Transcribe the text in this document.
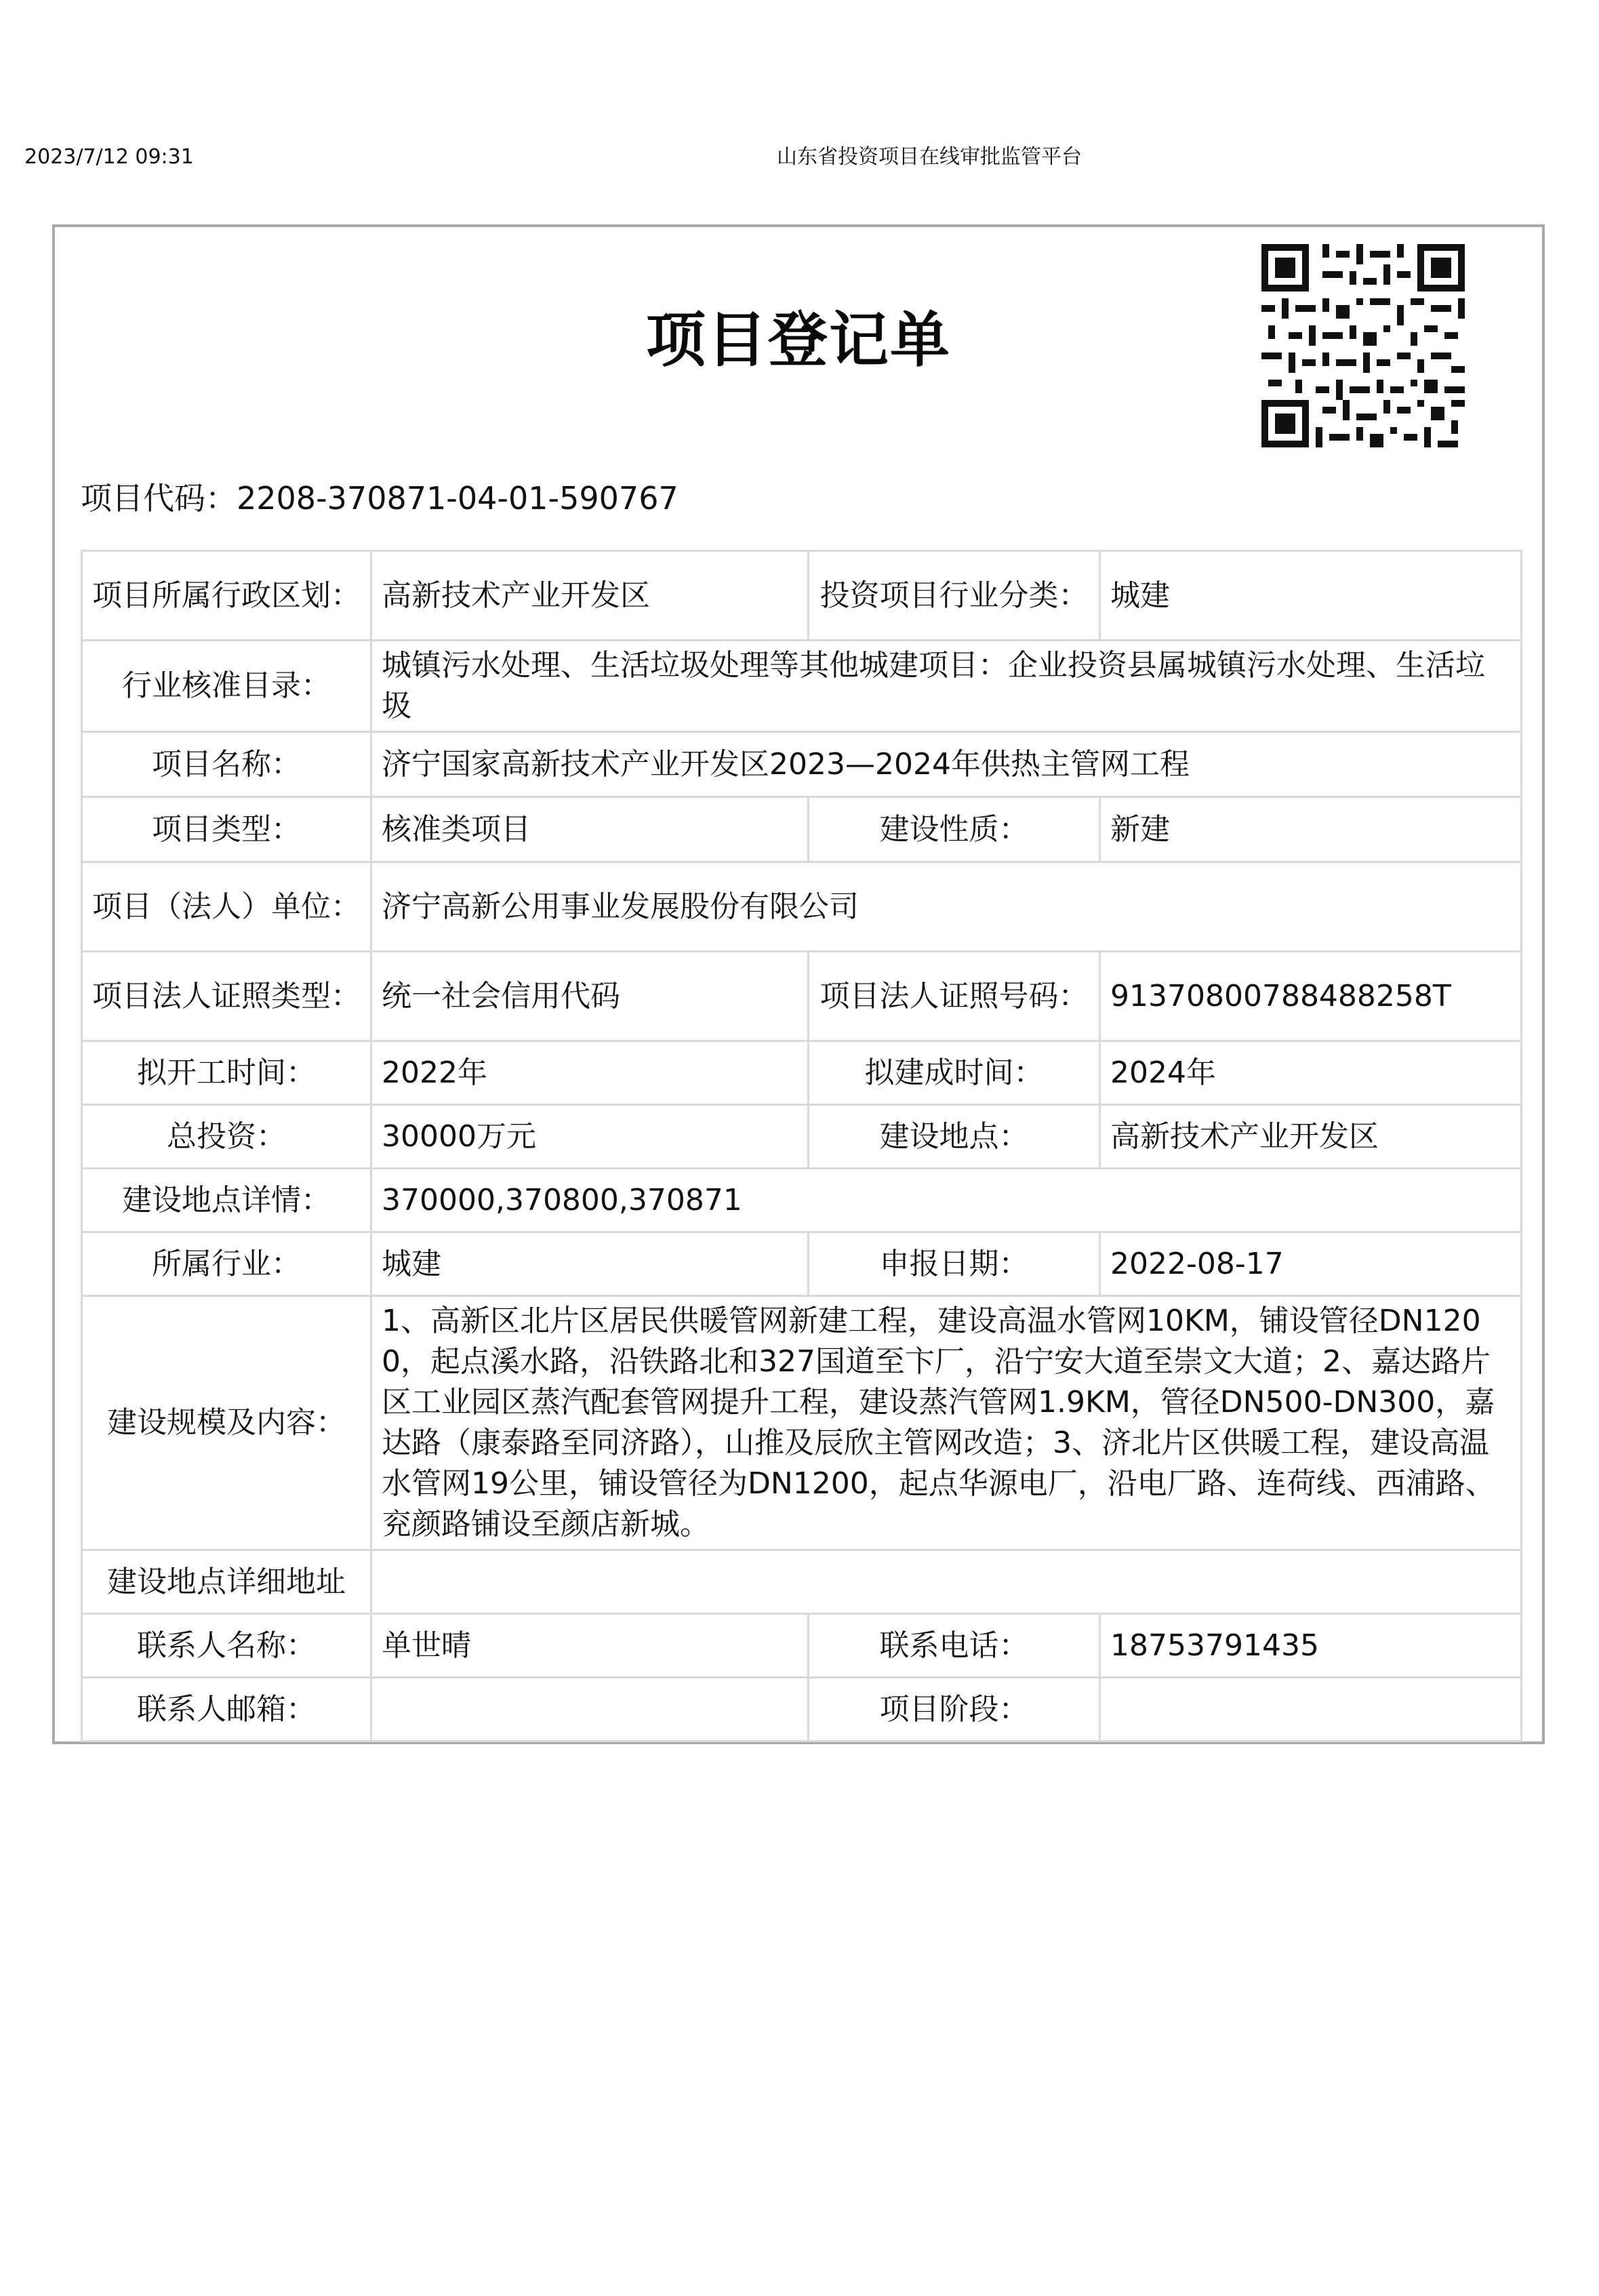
2023/7/12 09:31	山东省投资项目在线审批监管平台
项目登记单
项目代码：2208-370871-04-01-590767
项目所属行政区划：	高新技术产业开发区	投资项目行业分类：	城建
行业核准目录：	城镇污水处理、生活垃圾处理等其他城建项目：企业投资县属城镇污水处理、生活垃圾		
项目名称：	济宁国家高新技术产业开发区2023—2024年供热主管网工程		
项目类型：	核准类项目	建设性质：	新建
项目（法人）单位：	济宁高新公用事业发展股份有限公司		
项目法人证照类型：	统一社会信用代码	项目法人证照号码：	91370800788488258T
拟开工时间：	2022年	拟建成时间：	2024年
总投资：	30000万元	建设地点：	高新技术产业开发区
建设地点详情：	370000,370800,370871		
所属行业：	城建	申报日期：	2022-08-17
建设规模及内容：	1、高新区北片区居民供暖管网新建工程，建设高温水管网10KM，铺设管径DN1200，起点溪水路，沿铁路北和327国道至卞厂，沿宁安大道至崇文大道；2、嘉达路片区工业园区蒸汽配套管网提升工程，建设蒸汽管网1.9KM，管径DN500-DN300，嘉达路（康泰路至同济路），山推及辰欣主管网改造；3、济北片区供暖工程，建设高温水管网19公里，铺设管径为DN1200，起点华源电厂，沿电厂路、连荷线、西浦路、兖颜路铺设至颜店新城。		
建设地点详细地址			
联系人名称：	单世晴	联系电话：	18753791435
联系人邮箱：		项目阶段：	
